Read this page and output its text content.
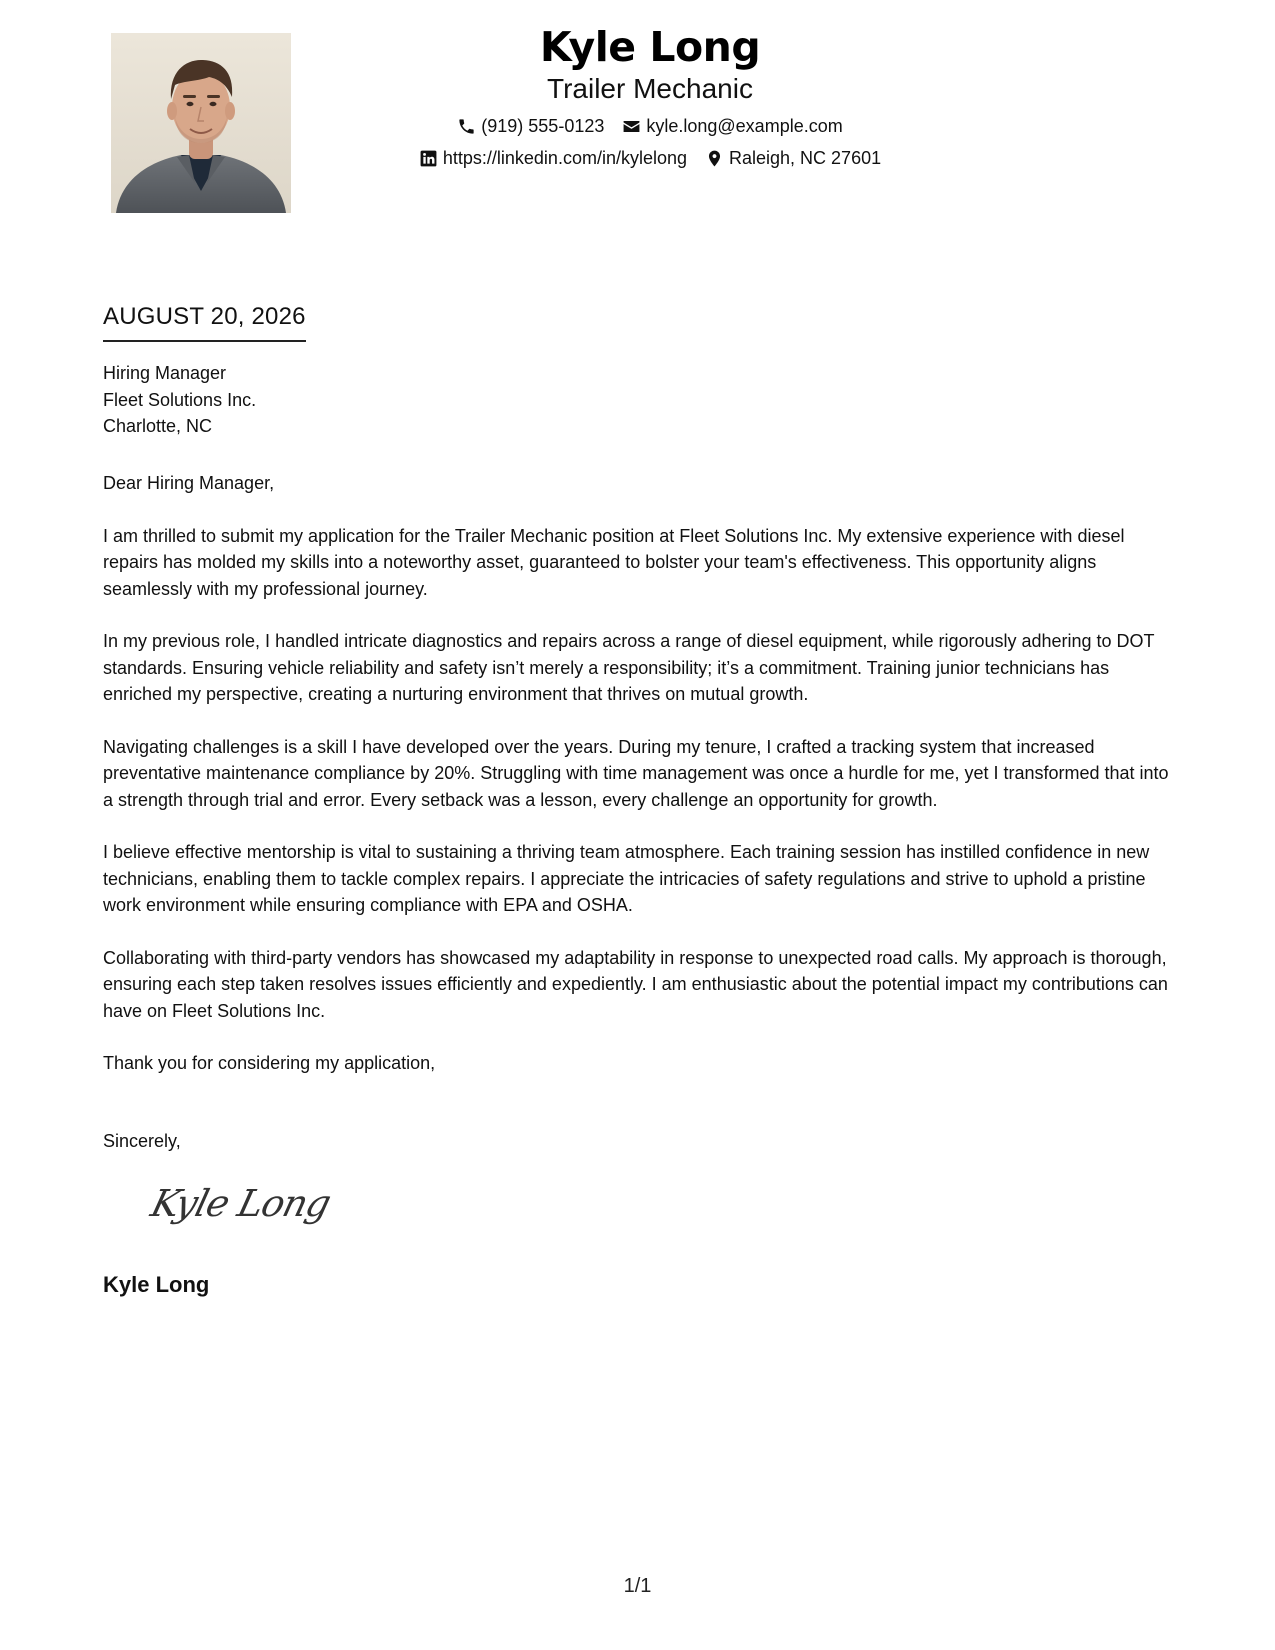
Kyle Long
Trailer Mechanic
(919) 555-0123 kyle.long@example.com
https://linkedin.com/in/kylelong Raleigh, NC 27601
AUGUST 20, 2026
Hiring Manager
Fleet Solutions Inc.
Charlotte, NC

Dear Hiring Manager,

I am thrilled to submit my application for the Trailer Mechanic position at Fleet Solutions Inc. My extensive experience with diesel repairs has molded my skills into a noteworthy asset, guaranteed to bolster your team's effectiveness. This opportunity aligns seamlessly with my professional journey.

In my previous role, I handled intricate diagnostics and repairs across a range of diesel equipment, while rigorously adhering to DOT standards. Ensuring vehicle reliability and safety isn’t merely a responsibility; it’s a commitment. Training junior technicians has enriched my perspective, creating a nurturing environment that thrives on mutual growth.

Navigating challenges is a skill I have developed over the years. During my tenure, I crafted a tracking system that increased preventative maintenance compliance by 20%. Struggling with time management was once a hurdle for me, yet I transformed that into a strength through trial and error. Every setback was a lesson, every challenge an opportunity for growth.

I believe effective mentorship is vital to sustaining a thriving team atmosphere. Each training session has instilled confidence in new technicians, enabling them to tackle complex repairs. I appreciate the intricacies of safety regulations and strive to uphold a pristine work environment while ensuring compliance with EPA and OSHA.

Collaborating with third-party vendors has showcased my adaptability in response to unexpected road calls. My approach is thorough, ensuring each step taken resolves issues efficiently and expediently. I am enthusiastic about the potential impact my contributions can have on Fleet Solutions Inc.

Thank you for considering my application,

Sincerely,
Kyle Long
Kyle Long
1/1
